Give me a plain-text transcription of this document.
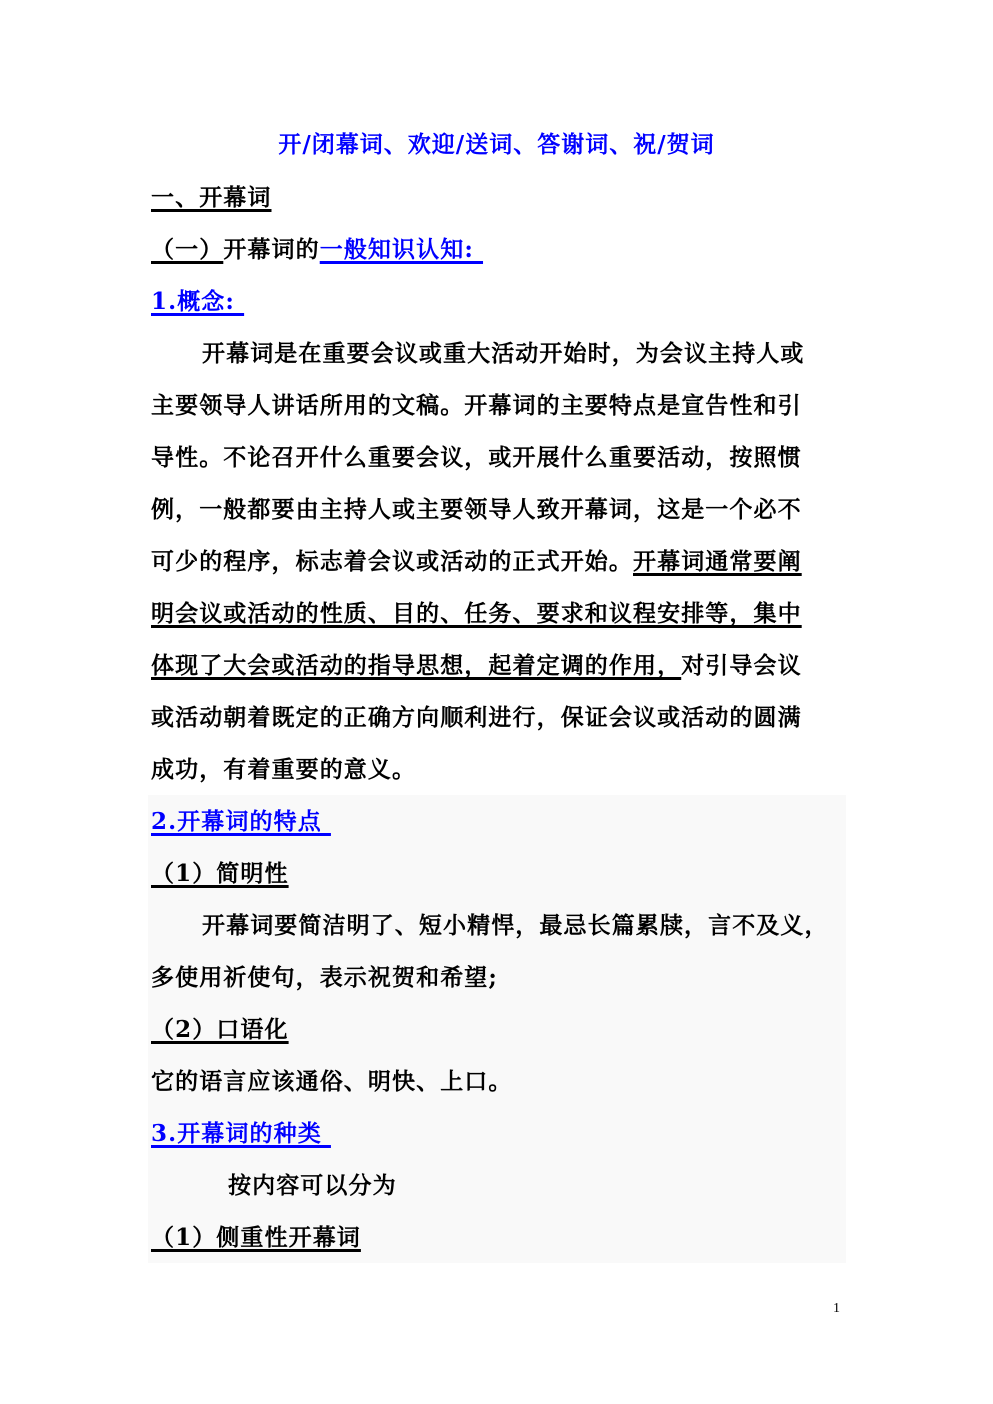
开/闭幕词、欢迎/送词、答谢词、祝/贺词
一、开幕词
（一）开幕词的一般知识认知:
1.概念:
开幕词是在重要会议或重大活动开始时，为会议主持人或
主要领导人讲话所用的文稿。开幕词的主要特点是宣告性和引
导性。不论召开什么重要会议，或开展什么重要活动，按照惯
例，一般都要由主持人或主要领导人致开幕词，这是一个必不
可少的程序，标志着会议或活动的正式开始。开幕词通常要阐
明会议或活动的性质、目的、任务、要求和议程安排等，集中
体现了大会或活动的指导思想，起着定调的作用，对引导会议
或活动朝着既定的正确方向顺利进行，保证会议或活动的圆满
成功，有着重要的意义。
2.开幕词的特点
（1）简明性
开幕词要简洁明了、短小精悍，最忌长篇累牍，言不及义，
多使用祈使句，表示祝贺和希望;
（2）口语化
它的语言应该通俗、明快、上口。
3.开幕词的种类
按内容可以分为
（1）侧重性开幕词
1
